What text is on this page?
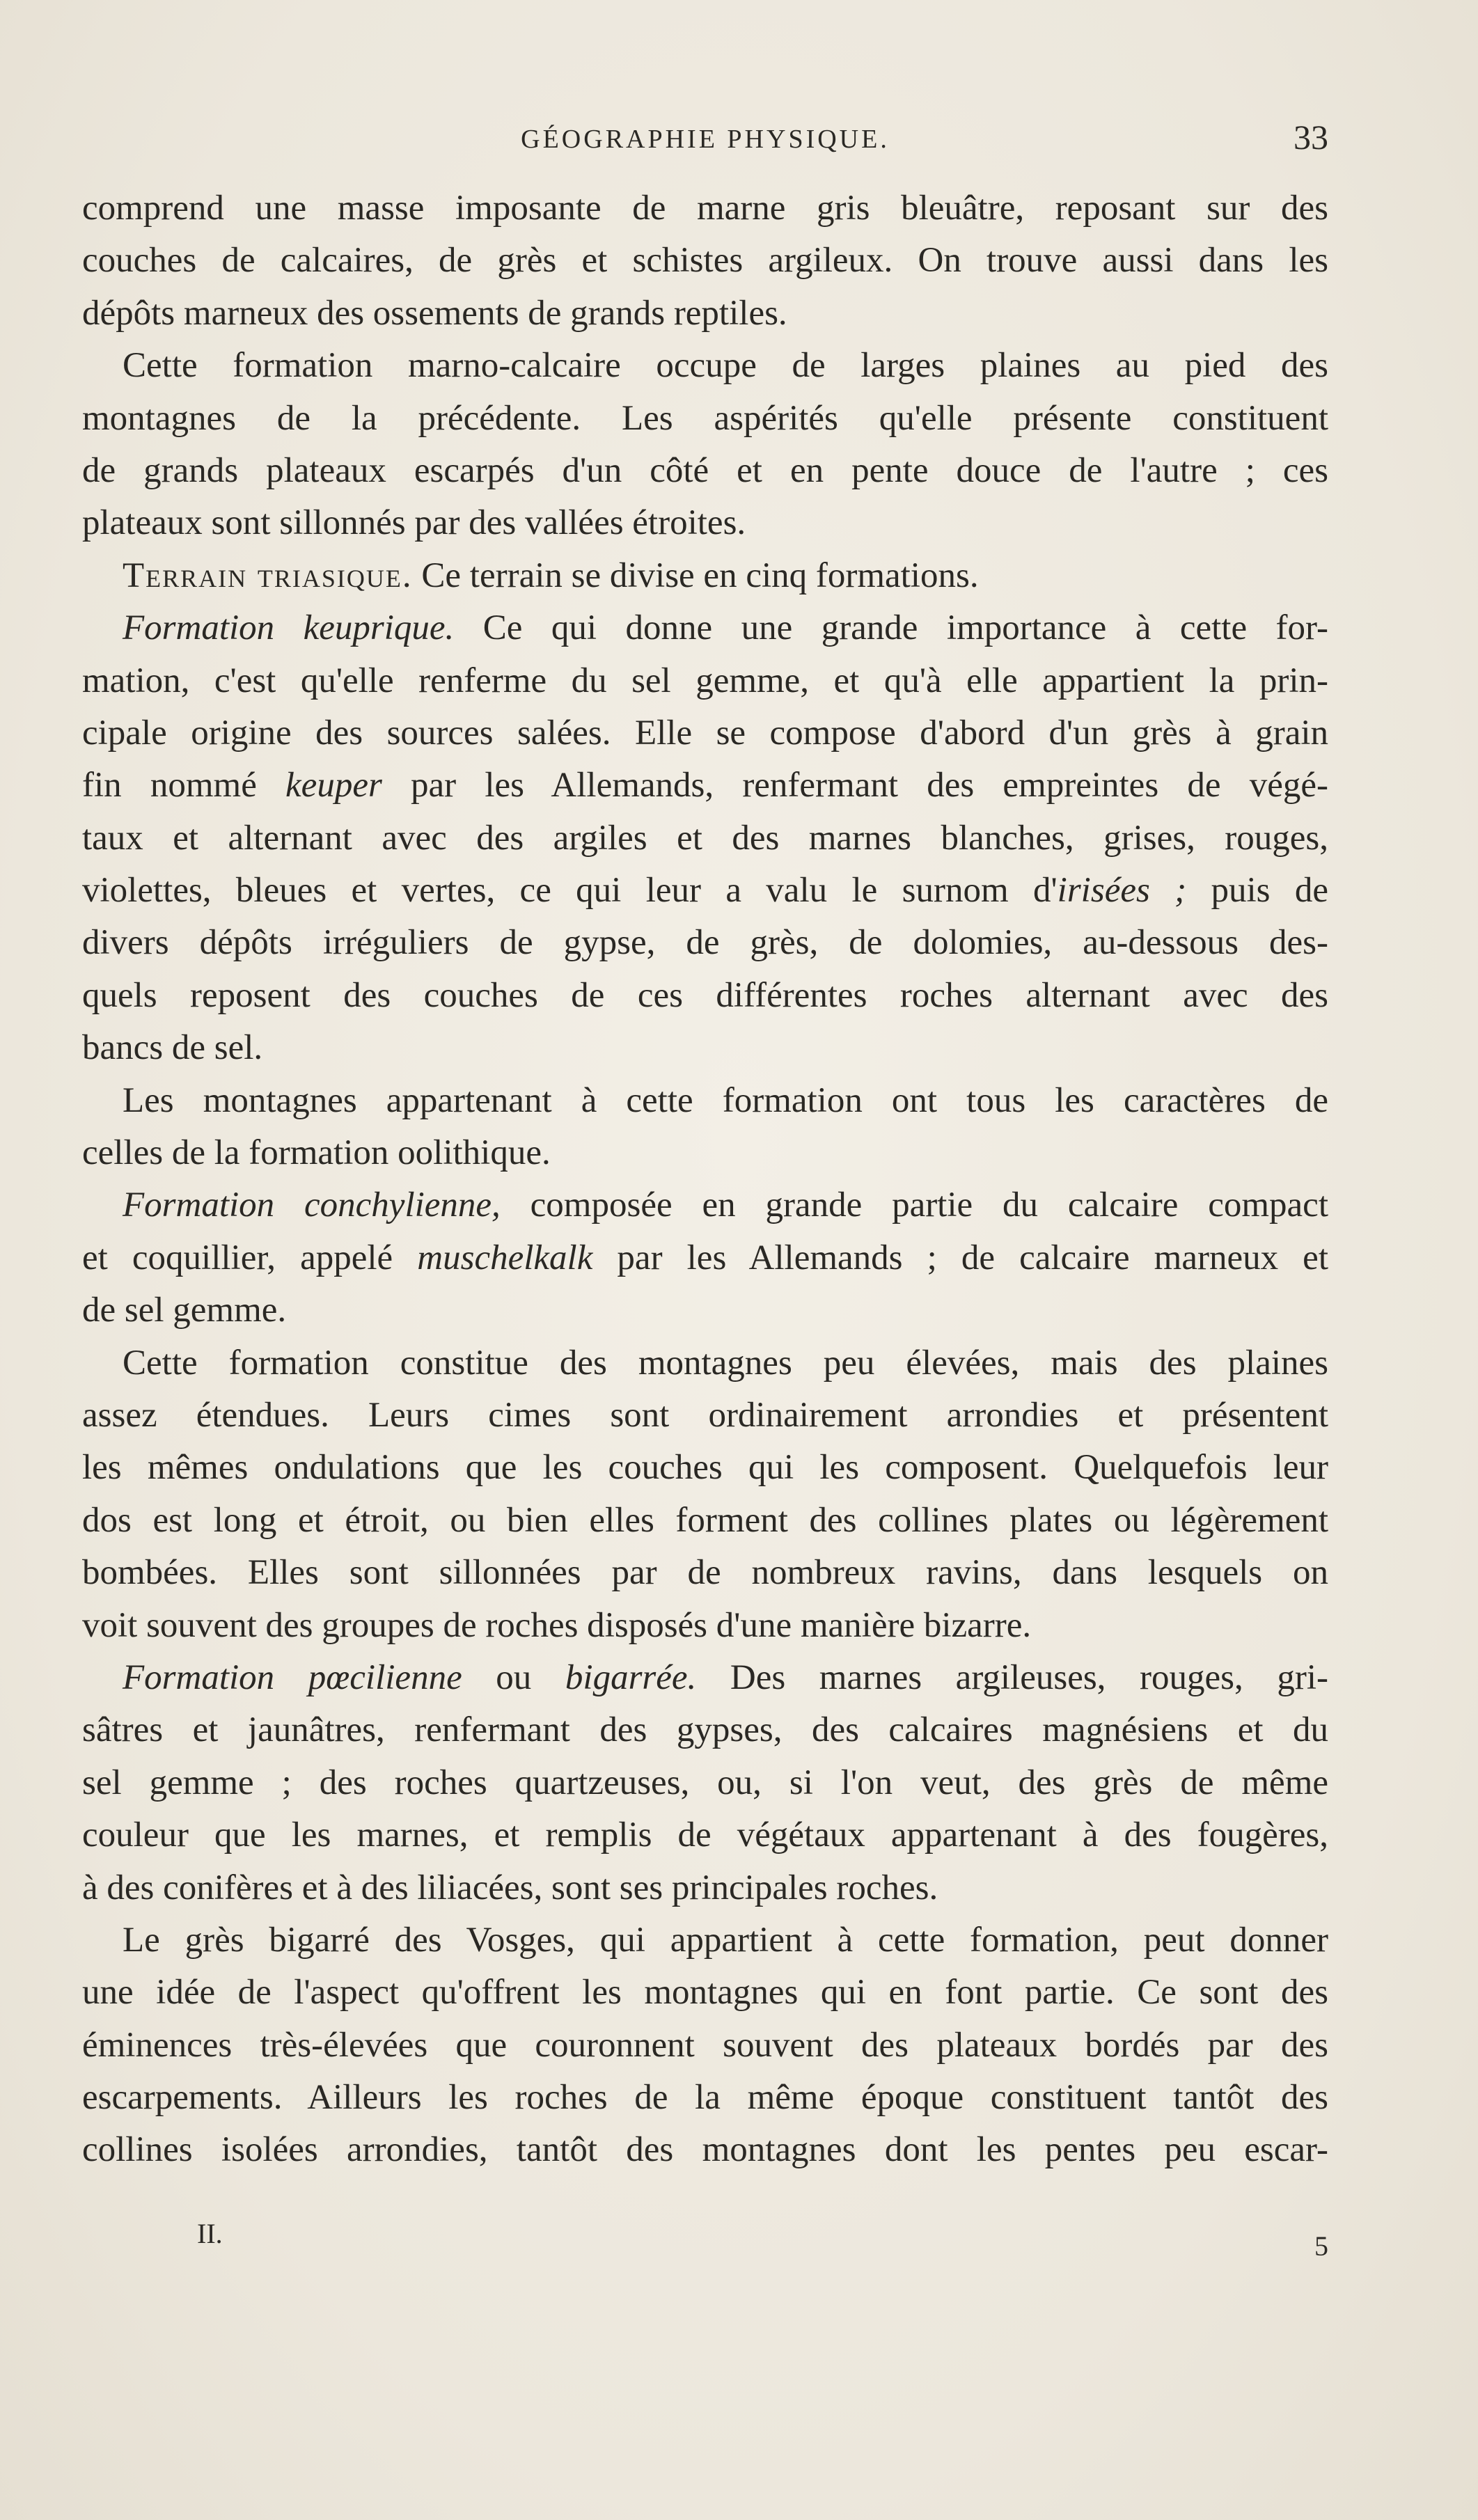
GÉOGRAPHIE PHYSIQUE.	33
comprend une masse imposante de marne gris bleuâtre, reposant sur des
couches de calcaires, de grès et schistes argileux. On trouve aussi dans les
dépôts marneux des ossements de grands reptiles.
Cette formation marno-calcaire occupe de larges plaines au pied des
montagnes de la précédente. Les aspérités qu'elle présente constituent
de grands plateaux escarpés d'un côté et en pente douce de l'autre ; ces
plateaux sont sillonnés par des vallées étroites.
Terrain triasique. Ce terrain se divise en cinq formations.
Formation keuprique. Ce qui donne une grande importance à cette for-
mation, c'est qu'elle renferme du sel gemme, et qu'à elle appartient la prin-
cipale origine des sources salées. Elle se compose d'abord d'un grès à grain
fin nommé keuper par les Allemands, renfermant des empreintes de végé-
taux et alternant avec des argiles et des marnes blanches, grises, rouges,
violettes, bleues et vertes, ce qui leur a valu le surnom d'irisées ; puis de
divers dépôts irréguliers de gypse, de grès, de dolomies, au-dessous des-
quels reposent des couches de ces différentes roches alternant avec des
bancs de sel.
Les montagnes appartenant à cette formation ont tous les caractères de
celles de la formation oolithique.
Formation conchylienne, composée en grande partie du calcaire compact
et coquillier, appelé muschelkalk par les Allemands ; de calcaire marneux et
de sel gemme.
Cette formation constitue des montagnes peu élevées, mais des plaines
assez étendues. Leurs cimes sont ordinairement arrondies et présentent
les mêmes ondulations que les couches qui les composent. Quelquefois leur
dos est long et étroit, ou bien elles forment des collines plates ou légèrement
bombées. Elles sont sillonnées par de nombreux ravins, dans lesquels on
voit souvent des groupes de roches disposés d'une manière bizarre.
Formation pœcilienne ou bigarrée. Des marnes argileuses, rouges, gri-
sâtres et jaunâtres, renfermant des gypses, des calcaires magnésiens et du
sel gemme ; des roches quartzeuses, ou, si l'on veut, des grès de même
couleur que les marnes, et remplis de végétaux appartenant à des fougères,
à des conifères et à des liliacées, sont ses principales roches.
Le grès bigarré des Vosges, qui appartient à cette formation, peut donner
une idée de l'aspect qu'offrent les montagnes qui en font partie. Ce sont des
éminences très-élevées que couronnent souvent des plateaux bordés par des
escarpements. Ailleurs les roches de la même époque constituent tantôt des
collines isolées arrondies, tantôt des montagnes dont les pentes peu escar-
II.	5
